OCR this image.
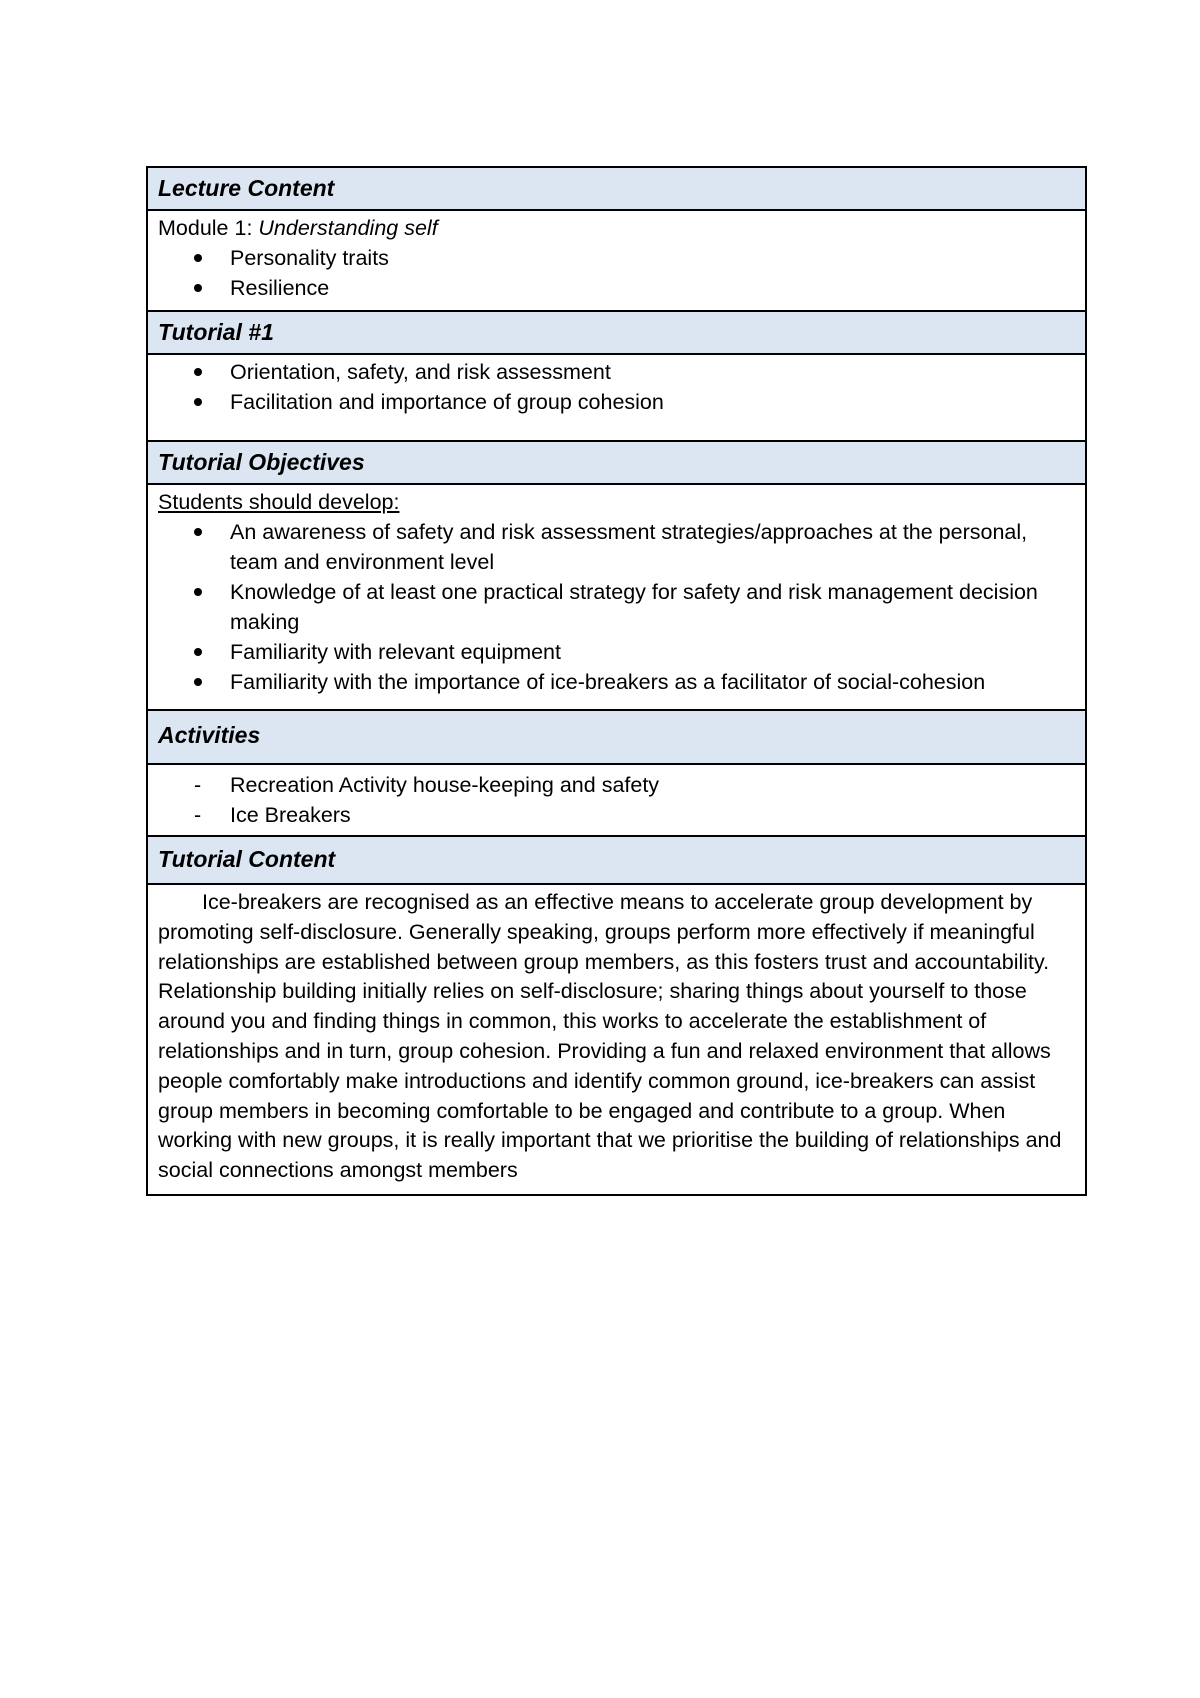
Lecture Content
Module 1: Understanding self
Personality traits
Resilience
Tutorial #1
Orientation, safety, and risk assessment
Facilitation and importance of group cohesion
Tutorial Objectives
Students should develop:
An awareness of safety and risk assessment strategies/approaches at the personal,
team and environment level
Knowledge of at least one practical strategy for safety and risk management decision
making
Familiarity with relevant equipment
Familiarity with the importance of ice-breakers as a facilitator of social-cohesion
Activities
-	Recreation Activity house-keeping and safety
-	Ice Breakers
Tutorial Content
Ice-breakers are recognised as an effective means to accelerate group development by promoting self-disclosure. Generally speaking, groups perform more effectively if meaningful relationships are established between group members, as this fosters trust and accountability. Relationship building initially relies on self-disclosure; sharing things about yourself to those around you and finding things in common, this works to accelerate the establishment of relationships and in turn, group cohesion. Providing a fun and relaxed environment that allows people comfortably make introductions and identify common ground, ice-breakers can assist group members in becoming comfortable to be engaged and contribute to a group. When working with new groups, it is really important that we prioritise the building of relationships and social connections amongst members
